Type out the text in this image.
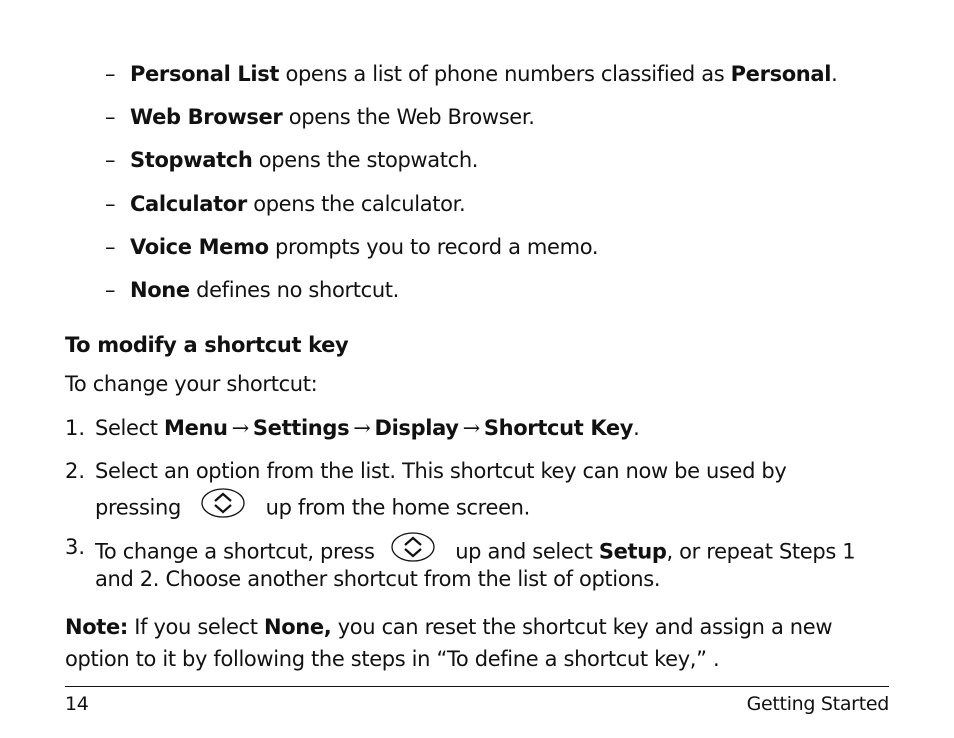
– Personal List opens a list of phone numbers classified as Personal.
– Web Browser opens the Web Browser.
– Stopwatch opens the stopwatch.
– Calculator opens the calculator.
– Voice Memo prompts you to record a memo.
– None defines no shortcut.
To modify a shortcut key
To change your shortcut:
1. Select Menu → Settings → Display → Shortcut Key.
2. Select an option from the list. This shortcut key can now be used by
pressing	up from the home screen.
3. To change a shortcut, press	up and select Setup, or repeat Steps 1
and 2. Choose another shortcut from the list of options.
Note: If you select None, you can reset the shortcut key and assign a new
option to it by following the steps in “To define a shortcut key,” .
14	Getting Started
